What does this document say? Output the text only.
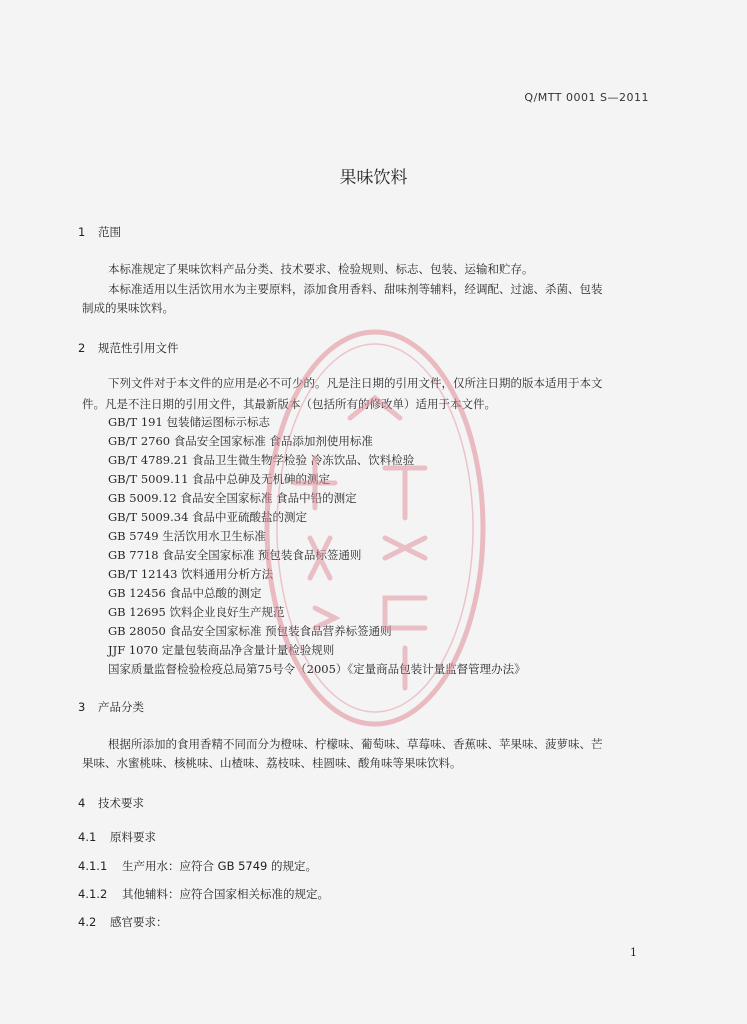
Q/MTT 0001 S—2011
果味饮料
1 范围
本标准规定了果味饮料产品分类、技术要求、检验规则、标志、包装、运输和贮存。
本标准适用以生活饮用水为主要原料，添加食用香料、甜味剂等辅料，经调配、过滤、杀菌、包装
制成的果味饮料。
2 规范性引用文件
下列文件对于本文件的应用是必不可少的。凡是注日期的引用文件，仅所注日期的版本适用于本文
件。凡是不注日期的引用文件，其最新版本（包括所有的修改单）适用于本文件。
GB/T 191 包装储运图标示标志
GB/T 2760 食品安全国家标准 食品添加剂使用标准
GB/T 4789.21 食品卫生微生物学检验 冷冻饮品、饮料检验
GB/T 5009.11 食品中总砷及无机砷的测定
GB 5009.12 食品安全国家标准 食品中铅的测定
GB/T 5009.34 食品中亚硫酸盐的测定
GB 5749 生活饮用水卫生标准
GB 7718 食品安全国家标准 预包装食品标签通则
GB/T 12143 饮料通用分析方法
GB 12456 食品中总酸的测定
GB 12695 饮料企业良好生产规范
GB 28050 食品安全国家标准 预包装食品营养标签通则
JJF 1070 定量包装商品净含量计量检验规则
国家质量监督检验检疫总局第75号令（2005）《定量商品包装计量监督管理办法》
3 产品分类
根据所添加的食用香精不同而分为橙味、柠檬味、葡萄味、草莓味、香蕉味、苹果味、菠萝味、芒
果味、水蜜桃味、核桃味、山楂味、荔枝味、桂圆味、酸角味等果味饮料。
4 技术要求
4.1 原料要求
4.1.1 生产用水：应符合 GB 5749 的规定。
4.1.2 其他辅料：应符合国家相关标准的规定。
4.2 感官要求：
1
